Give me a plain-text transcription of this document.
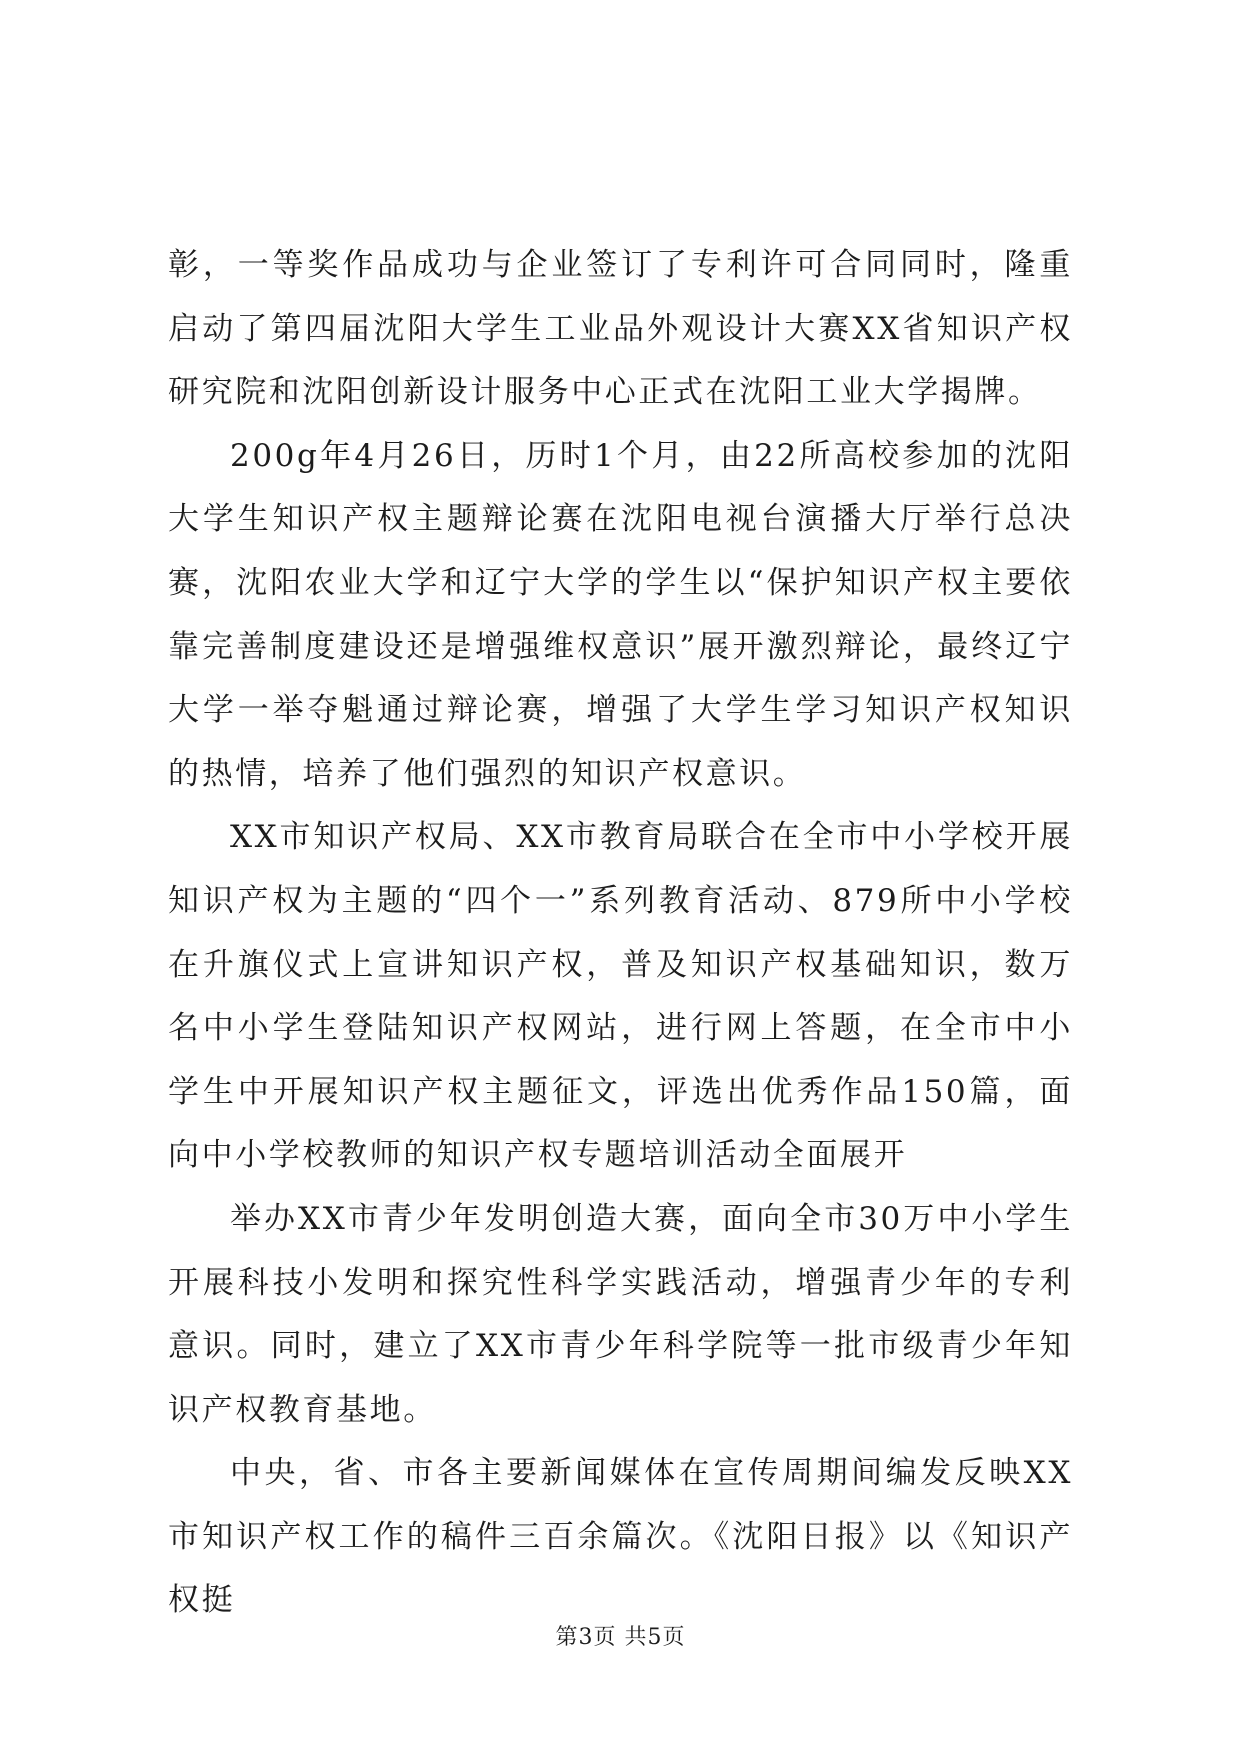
彰，一等奖作品成功与企业签订了专利许可合同同时，隆重启动了第四届沈阳大学生工业品外观设计大赛XX省知识产权研究院和沈阳创新设计服务中心正式在沈阳工业大学揭牌。

200g年4月26日，历时1个月，由22所高校参加的沈阳大学生知识产权主题辩论赛在沈阳电视台演播大厅举行总决赛，沈阳农业大学和辽宁大学的学生以“保护知识产权主要依靠完善制度建设还是增强维权意识”展开激烈辩论，最终辽宁大学一举夺魁通过辩论赛，增强了大学生学习知识产权知识的热情，培养了他们强烈的知识产权意识。

XX市知识产权局、XX市教育局联合在全市中小学校开展知识产权为主题的“四个一”系列教育活动、879所中小学校在升旗仪式上宣讲知识产权，普及知识产权基础知识，数万名中小学生登陆知识产权网站，进行网上答题，在全市中小学生中开展知识产权主题征文，评选出优秀作品150篇，面向中小学校教师的知识产权专题培训活动全面展开

举办XX市青少年发明创造大赛，面向全市30万中小学生开展科技小发明和探究性科学实践活动，增强青少年的专利意识。同时，建立了XX市青少年科学院等一批市级青少年知识产权教育基地。

中央，省、市各主要新闻媒体在宣传周期间编发反映XX市知识产权工作的稿件三百余篇次。《沈阳日报》以《知识产权挺

第3页 共5页
